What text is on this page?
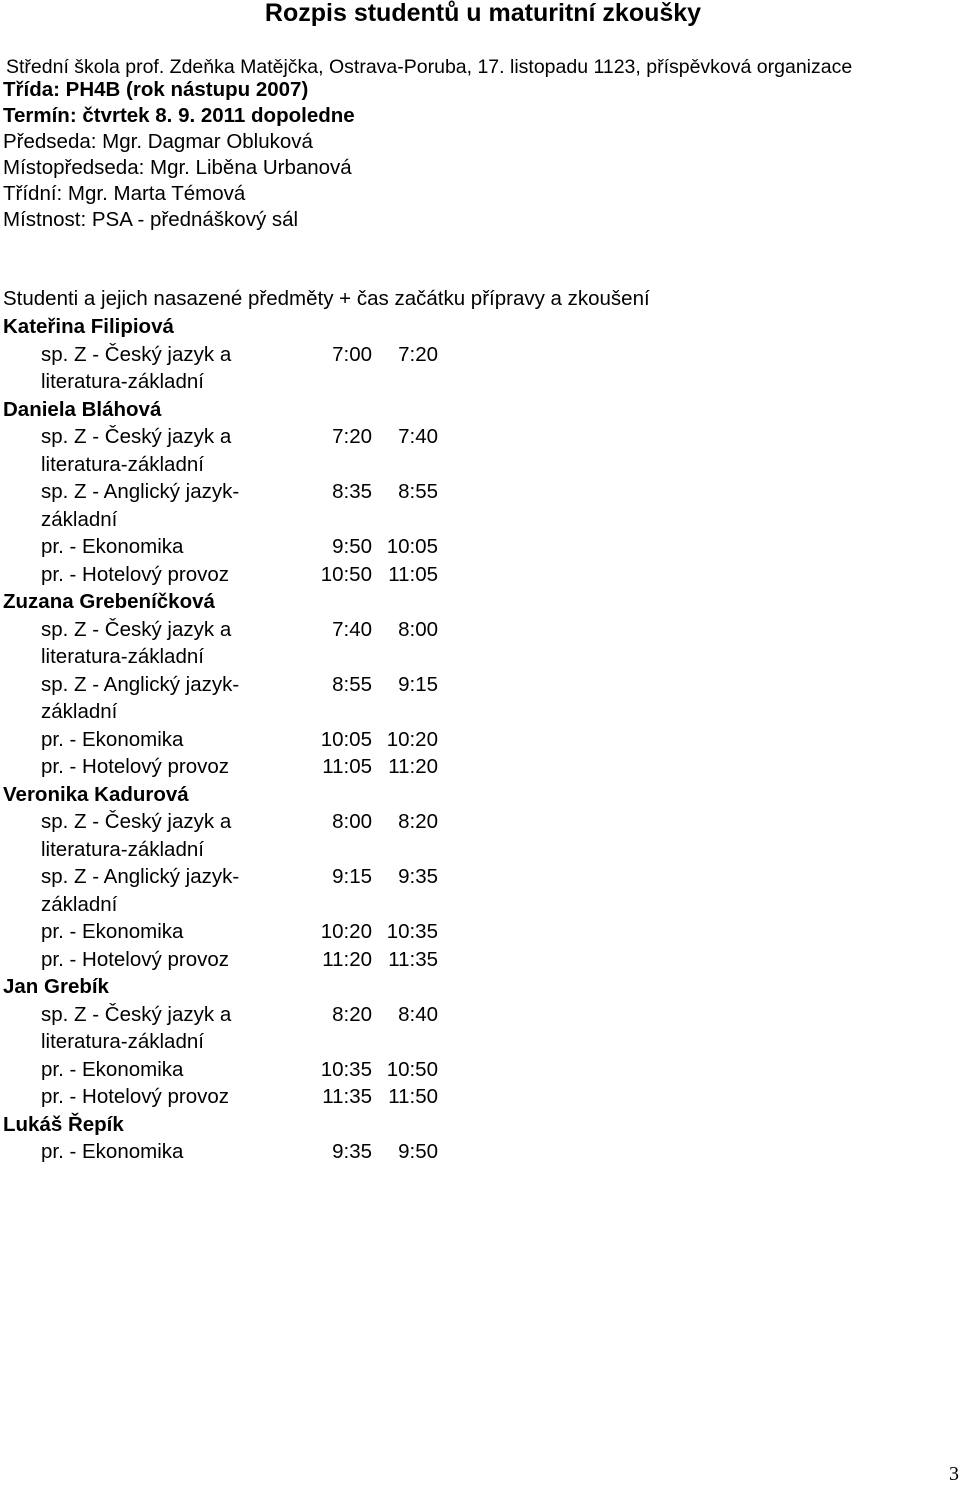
Rozpis studentů u maturitní zkoušky
Střední škola prof. Zdeňka Matějčka, Ostrava-Poruba, 17. listopadu 1123, příspěvková organizace
Třída: PH4B (rok nástupu 2007)
Termín: čtvrtek 8. 9. 2011 dopoledne
Předseda: Mgr. Dagmar Obluková
Místopředseda: Mgr. Liběna Urbanová
Třídní: Mgr. Marta Témová
Místnost: PSA - přednáškový sál
Studenti a jejich nasazené předměty + čas začátku přípravy a zkoušení
Kateřina Filipiová
sp. Z - Český jazyk a
literatura-základní
7:00	7:20
Daniela Bláhová
sp. Z - Český jazyk a
literatura-základní
7:20	7:40
sp. Z - Anglický jazyk-
základní
8:35	8:55
pr. - Ekonomika	9:50 10:05
pr. - Hotelový provoz	10:50 11:05
Zuzana Grebeníčková
sp. Z - Český jazyk a
literatura-základní
7:40	8:00
sp. Z - Anglický jazyk-
základní
8:55	9:15
pr. - Ekonomika	10:05 10:20
pr. - Hotelový provoz	11:05 11:20
Veronika Kadurová
sp. Z - Český jazyk a
literatura-základní
8:00	8:20
sp. Z - Anglický jazyk-
základní
9:15	9:35
pr. - Ekonomika	10:20 10:35
pr. - Hotelový provoz	11:20 11:35
Jan Grebík
sp. Z - Český jazyk a
literatura-základní
8:20	8:40
pr. - Ekonomika	10:35 10:50
pr. - Hotelový provoz	11:35 11:50
Lukáš Řepík
pr. - Ekonomika	9:35	9:50
3
